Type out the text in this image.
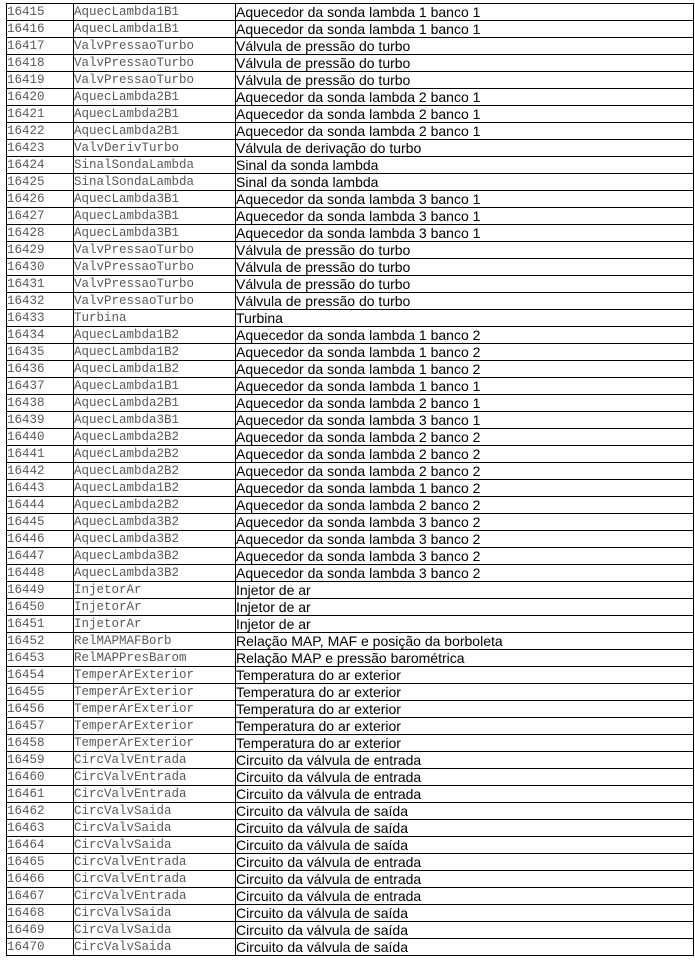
16415	AquecLambda1B1	Aquecedor da sonda lambda 1 banco 1
16416	AquecLambda1B1	Aquecedor da sonda lambda 1 banco 1
16417	ValvPressaoTurbo	Válvula de pressão do turbo
16418	ValvPressaoTurbo	Válvula de pressão do turbo
16419	ValvPressaoTurbo	Válvula de pressão do turbo
16420	AquecLambda2B1	Aquecedor da sonda lambda 2 banco 1
16421	AquecLambda2B1	Aquecedor da sonda lambda 2 banco 1
16422	AquecLambda2B1	Aquecedor da sonda lambda 2 banco 1
16423	ValvDerivTurbo	Válvula de derivação do turbo
16424	SinalSondaLambda	Sinal da sonda lambda
16425	SinalSondaLambda	Sinal da sonda lambda
16426	AquecLambda3B1	Aquecedor da sonda lambda 3 banco 1
16427	AquecLambda3B1	Aquecedor da sonda lambda 3 banco 1
16428	AquecLambda3B1	Aquecedor da sonda lambda 3 banco 1
16429	ValvPressaoTurbo	Válvula de pressão do turbo
16430	ValvPressaoTurbo	Válvula de pressão do turbo
16431	ValvPressaoTurbo	Válvula de pressão do turbo
16432	ValvPressaoTurbo	Válvula de pressão do turbo
16433	Turbina	Turbina
16434	AquecLambda1B2	Aquecedor da sonda lambda 1 banco 2
16435	AquecLambda1B2	Aquecedor da sonda lambda 1 banco 2
16436	AquecLambda1B2	Aquecedor da sonda lambda 1 banco 2
16437	AquecLambda1B1	Aquecedor da sonda lambda 1 banco 1
16438	AquecLambda2B1	Aquecedor da sonda lambda 2 banco 1
16439	AquecLambda3B1	Aquecedor da sonda lambda 3 banco 1
16440	AquecLambda2B2	Aquecedor da sonda lambda 2 banco 2
16441	AquecLambda2B2	Aquecedor da sonda lambda 2 banco 2
16442	AquecLambda2B2	Aquecedor da sonda lambda 2 banco 2
16443	AquecLambda1B2	Aquecedor da sonda lambda 1 banco 2
16444	AquecLambda2B2	Aquecedor da sonda lambda 2 banco 2
16445	AquecLambda3B2	Aquecedor da sonda lambda 3 banco 2
16446	AquecLambda3B2	Aquecedor da sonda lambda 3 banco 2
16447	AquecLambda3B2	Aquecedor da sonda lambda 3 banco 2
16448	AquecLambda3B2	Aquecedor da sonda lambda 3 banco 2
16449	InjetorAr	Injetor de ar
16450	InjetorAr	Injetor de ar
16451	InjetorAr	Injetor de ar
16452	RelMAPMAFBorb	Relação MAP, MAF e posição da borboleta
16453	RelMAPPresBarom	Relação MAP e pressão barométrica
16454	TemperArExterior	Temperatura do ar exterior
16455	TemperArExterior	Temperatura do ar exterior
16456	TemperArExterior	Temperatura do ar exterior
16457	TemperArExterior	Temperatura do ar exterior
16458	TemperArExterior	Temperatura do ar exterior
16459	CircValvEntrada	Circuito da válvula de entrada
16460	CircValvEntrada	Circuito da válvula de entrada
16461	CircValvEntrada	Circuito da válvula de entrada
16462	CircValvSaida	Circuito da válvula de saída
16463	CircValvSaida	Circuito da válvula de saída
16464	CircValvSaida	Circuito da válvula de saída
16465	CircValvEntrada	Circuito da válvula de entrada
16466	CircValvEntrada	Circuito da válvula de entrada
16467	CircValvEntrada	Circuito da válvula de entrada
16468	CircValvSaida	Circuito da válvula de saída
16469	CircValvSaida	Circuito da válvula de saída
16470	CircValvSaida	Circuito da válvula de saída
